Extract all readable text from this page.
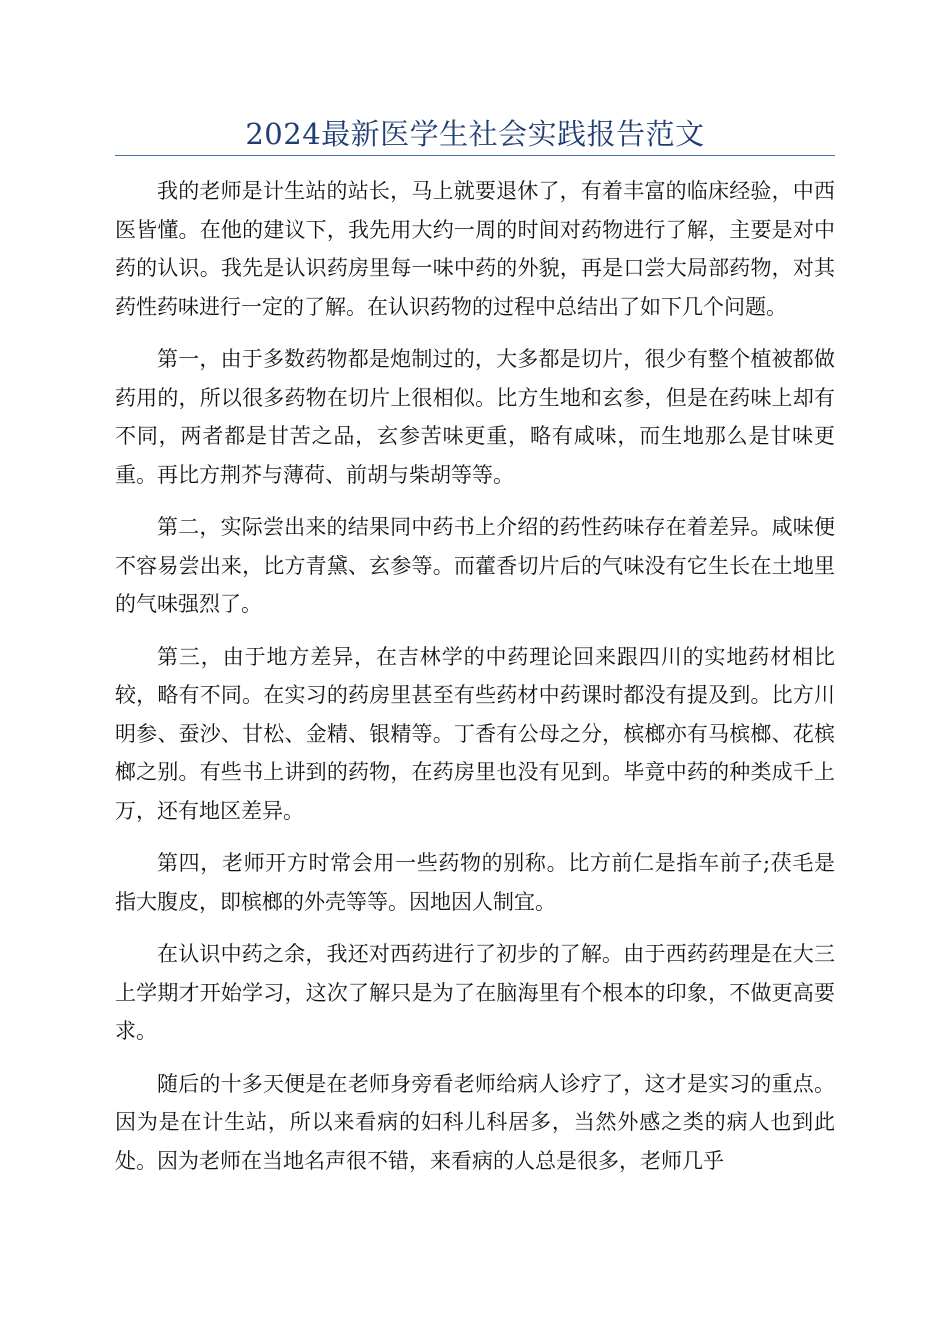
2024最新医学生社会实践报告范文

我的老师是计生站的站长，马上就要退休了，有着丰富的临床经验，中西医皆懂。在他的建议下，我先用大约一周的时间对药物进行了解，主要是对中药的认识。我先是认识药房里每一味中药的外貌，再是口尝大局部药物，对其药性药味进行一定的了解。在认识药物的过程中总结出了如下几个问题。

第一，由于多数药物都是炮制过的，大多都是切片，很少有整个植被都做药用的，所以很多药物在切片上很相似。比方生地和玄参，但是在药味上却有不同，两者都是甘苦之品，玄参苦味更重，略有咸味，而生地那么是甘味更重。再比方荆芥与薄荷、前胡与柴胡等等。

第二，实际尝出来的结果同中药书上介绍的药性药味存在着差异。咸味便不容易尝出来，比方青黛、玄参等。而藿香切片后的气味没有它生长在土地里的气味强烈了。

第三，由于地方差异，在吉林学的中药理论回来跟四川的实地药材相比较，略有不同。在实习的药房里甚至有些药材中药课时都没有提及到。比方川明参、蚕沙、甘松、金精、银精等。丁香有公母之分，槟榔亦有马槟榔、花槟榔之别。有些书上讲到的药物，在药房里也没有见到。毕竟中药的种类成千上万，还有地区差异。

第四，老师开方时常会用一些药物的别称。比方前仁是指车前子;茯毛是指大腹皮，即槟榔的外壳等等。因地因人制宜。

在认识中药之余，我还对西药进行了初步的了解。由于西药药理是在大三上学期才开始学习，这次了解只是为了在脑海里有个根本的印象，不做更高要求。

随后的十多天便是在老师身旁看老师给病人诊疗了，这才是实习的重点。因为是在计生站，所以来看病的妇科儿科居多，当然外感之类的病人也到此处。因为老师在当地名声很不错，来看病的人总是很多，老师几乎
